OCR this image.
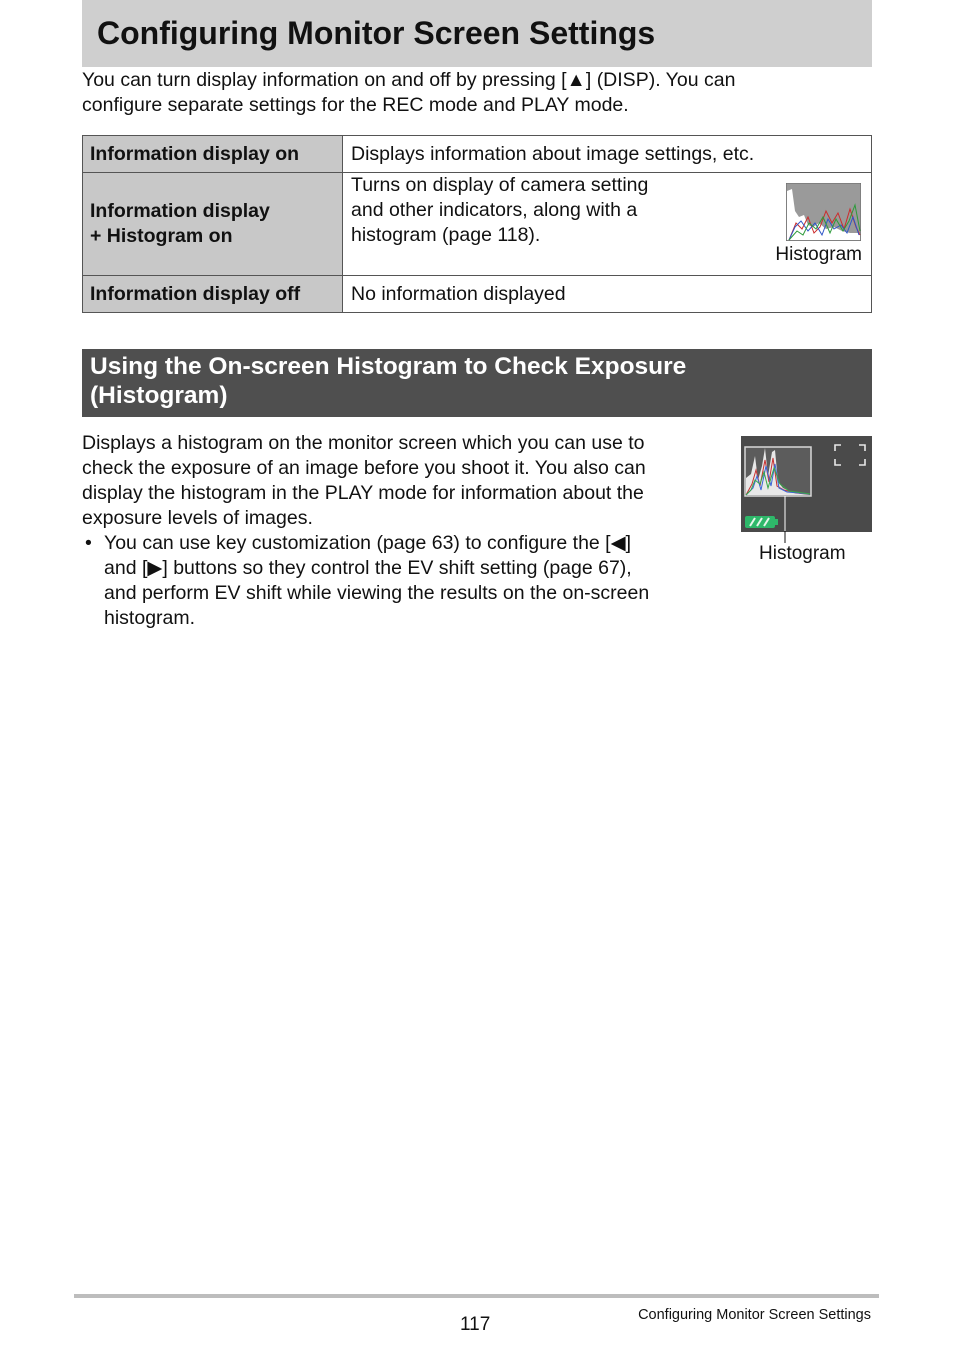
Configuring Monitor Screen Settings

You can turn display information on and off by pressing [▲] (DISP). You can
configure separate settings for the REC mode and PLAY mode.

Information display on	Displays information about image settings, etc.
Information display
+ Histogram on	Turns on display of camera setting
and other indicators, along with a
histogram (page 118).
Histogram

Information display off	No information displayed
Using the On-screen Histogram to Check Exposure
(Histogram)

Displays a histogram on the monitor screen which you can use to
check the exposure of an image before you shoot it. You also can
display the histogram in the PLAY mode for information about the
exposure levels of images.

• You can use key customization (page 63) to configure the [◀]
and [▶] buttons so they control the EV shift setting (page 67),
and perform EV shift while viewing the results on the on-screen
histogram.
Histogram
117	Configuring Monitor Screen Settings
